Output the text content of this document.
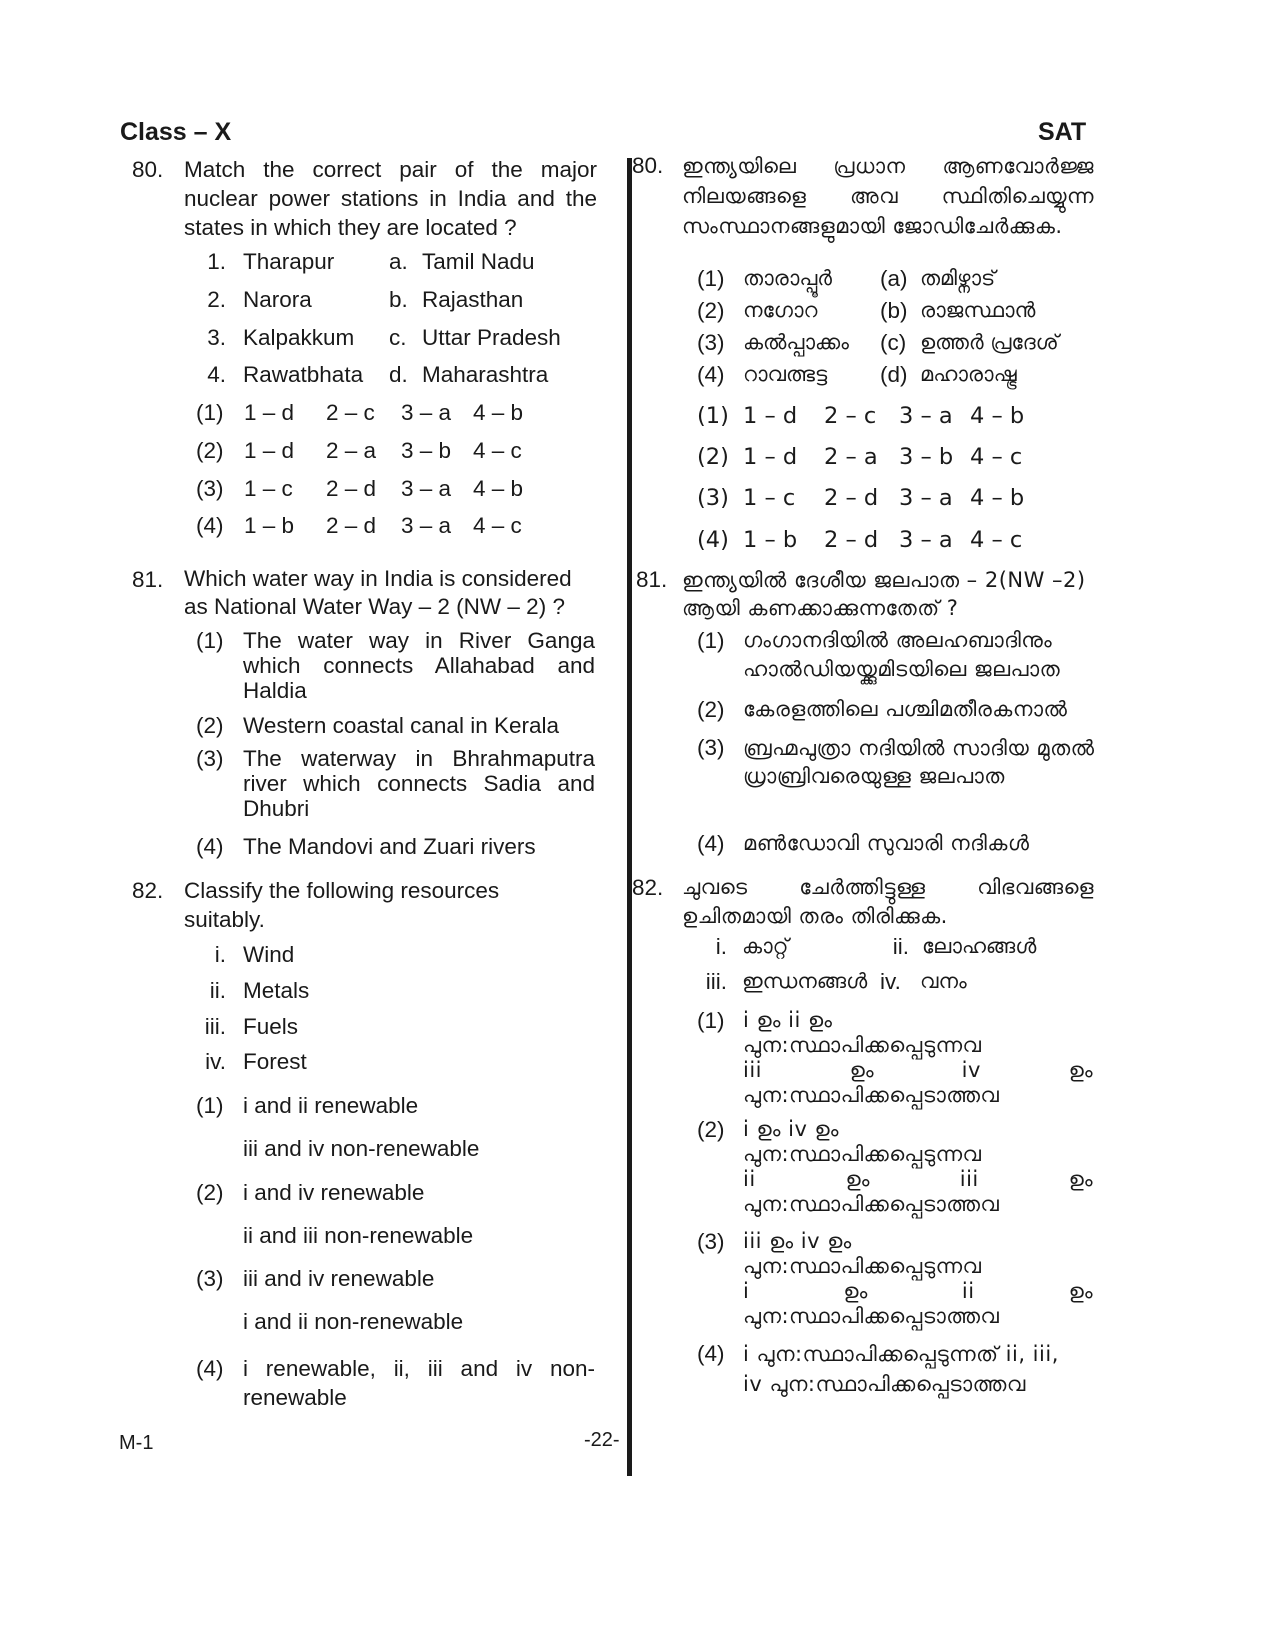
Class – X	SAT
80. Match the correct pair of the major nuclear power stations in India and the states in which they are located ?
1. Tharapur a. Tamil Nadu
2. Narora	b. Rajasthan
3. Kalpakkum c. Uttar Pradesh
4. Rawatbhata d. Maharashtra
(1) 1 – d 2 – c 3 – a 4 – b
(2) 1 – d 2 – a 3 – b 4 – c
(3) 1 – c 2 – d 3 – a 4 – b
(4) 1 – b 2 – d 3 – a 4 – c
81. Which water way in India is considered as National Water Way – 2 (NW – 2) ?
(1) The water way in River Ganga which connects Allahabad and Haldia
(2) Western coastal canal in Kerala
(3) The waterway in Bhrahmaputra river which connects Sadia and Dhubri
(4) The Mandovi and Zuari rivers
82. Classify the following resources suitably.
i. Wind
ii. Metals
iii. Fuels
iv. Forest
(1) i and ii renewable
iii and iv non-renewable
(2) i and iv renewable
ii and iii non-renewable
(3) iii and iv renewable
i and ii non-renewable
(4) i renewable, ii, iii and iv non-renewable
80. ഇന്ത്യയിലെ പ്രധാന ആണവോർജ്ജ നിലയങ്ങളെ അവ സ്ഥിതിചെയ്യുന്ന സംസ്ഥാനങ്ങളുമായി ജോഡിചേർക്കുക.
(1) താരാപ്പൂർ (a) തമിഴ്നാട്
(2) നഗോറ	(b) രാജസ്ഥാൻ
(3) കൽപ്പാക്കം (c) ഉത്തർ പ്രദേശ്
(4) റാവത്ഭട്ട (d) മഹാരാഷ്ട്ര
(1) 1 – d 2 – c 3 – a 4 – b
(2) 1 – d 2 – a 3 – b 4 – c
(3) 1 – c 2 – d 3 – a 4 – b
(4) 1 – b 2 – d 3 – a 4 – c
81. ഇന്ത്യയിൽ ദേശീയ ജലപാത – 2(NW –2) ആയി കണക്കാക്കുന്നതേത് ?
(1) ഗംഗാനദിയിൽ അലഹബാദിനും ഹാൽഡിയയ്ക്കുമിടയിലെ ജലപാത
(2) കേരളത്തിലെ പശ്ചിമതീരകനാൽ
(3) ബ്രഹ്മപുത്രാ നദിയിൽ സാദിയ മുതൽ ധ്രാബ്രിവരെയുള്ള ജലപാത
(4) മൺഡോവി സുവാരി നദികൾ
82. ചുവടെ ചേർത്തിട്ടുള്ള വിഭവങ്ങളെ ഉചിതമായി തരം തിരിക്കുക.
i. കാറ്റ്	ii. ലോഹങ്ങൾ
iii. ഇന്ധനങ്ങൾ iv. വനം
(1) i ഉം ii ഉം പുന:സ്ഥാപിക്കപ്പെടുന്നവ
iii ഉം iv ഉം പുന:സ്ഥാപിക്കപ്പെടാത്തവ
(2) i ഉം iv ഉം പുന:സ്ഥാപിക്കപ്പെടുന്നവ
ii ഉം iii ഉം പുന:സ്ഥാപിക്കപ്പെടാത്തവ
(3) iii ഉം iv ഉം പുന:സ്ഥാപിക്കപ്പെടുന്നവ
i ഉം ii ഉം പുന:സ്ഥാപിക്കപ്പെടാത്തവ
(4) i പുന:സ്ഥാപിക്കപ്പെടുന്നത് ii, iii, iv പുന:സ്ഥാപിക്കപ്പെടാത്തവ
M-1	-22-
